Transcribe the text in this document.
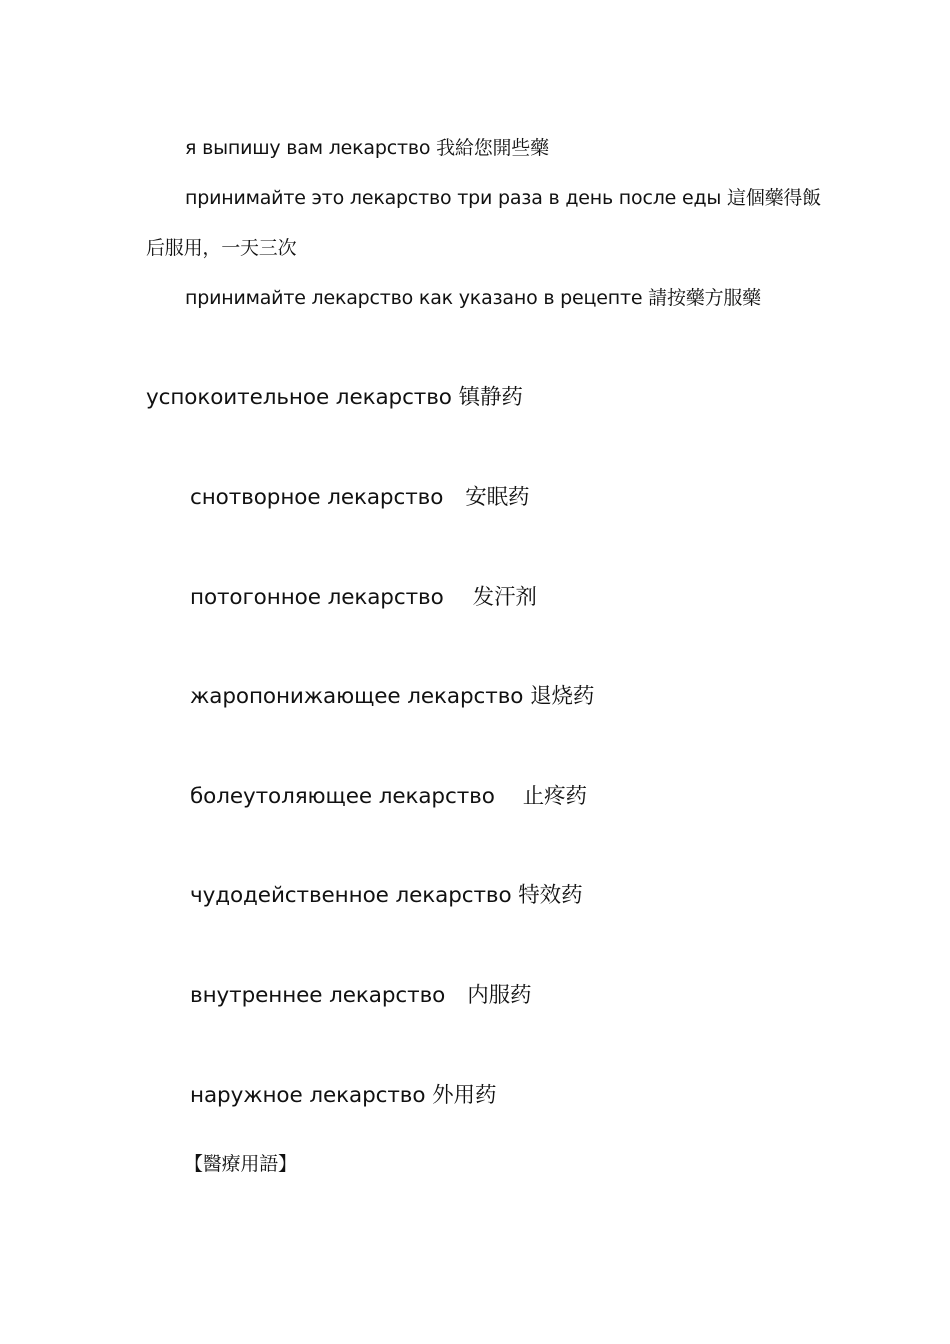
я выпишу вам лекарство 我給您開些藥
принимайте это лекарство три раза в день после еды 這個藥得飯
后服用，一天三次
принимайте лекарство как указано в рецепте 請按藥方服藥
успокоительное лекарство 镇静药
снотворное лекарство 安眠药
потогонное лекарство 发汗剂
жаропонижающее лекарство 退烧药
болеутоляющее лекарство 止疼药
чудодейственное лекарство 特效药
внутреннее лекарство 内服药
наружное лекарство 外用药
【醫療用語】
